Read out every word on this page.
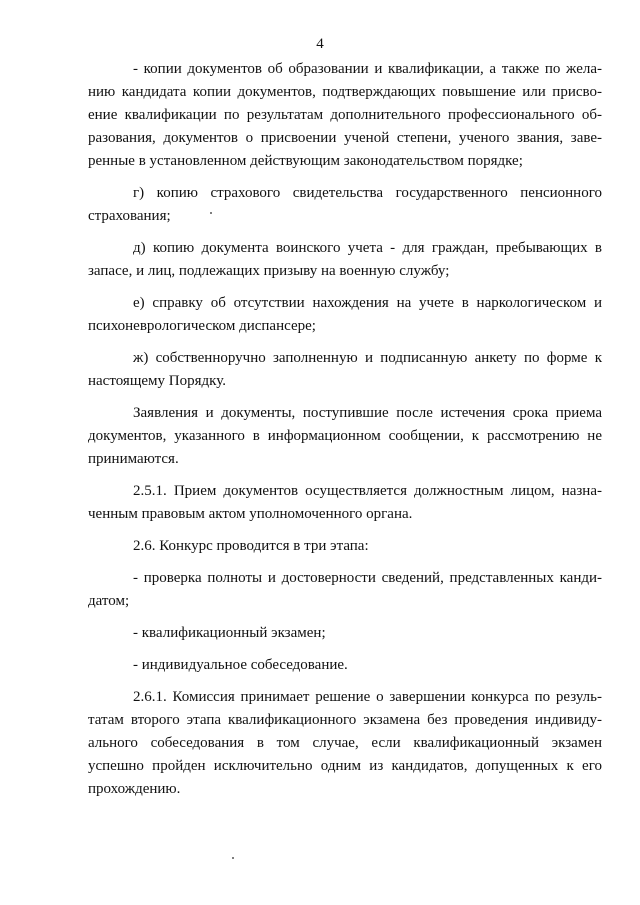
4
- копии документов об образовании и квалификации, а также по жела-
нию кандидата копии документов, подтверждающих повышение или присво-
ение квалификации по результатам дополнительного профессионального об-
разования, документов о присвоении ученой степени, ученого звания, заве-
ренные в установленном действующим законодательством порядке;
г) копию страхового свидетельства государственного пенсионного
страхования;
д) копию документа воинского учета - для граждан, пребывающих в
запасе, и лиц, подлежащих призыву на военную службу;
е) справку об отсутствии нахождения на учете в наркологическом и
психоневрологическом диспансере;
ж) собственноручно заполненную и подписанную анкету по форме к
настоящему Порядку.
Заявления и документы, поступившие после истечения срока приема
документов, указанного в информационном сообщении, к рассмотрению не
принимаются.
2.5.1. Прием документов осуществляется должностным лицом, назна-
ченным правовым актом уполномоченного органа.
2.6. Конкурс проводится в три этапа:
- проверка полноты и достоверности сведений, представленных канди-
датом;
- квалификационный экзамен;
- индивидуальное собеседование.
2.6.1. Комиссия принимает решение о завершении конкурса по резуль-
татам второго этапа квалификационного экзамена без проведения индивиду-
ального собеседования в том случае, если квалификационный экзамен
успешно пройден исключительно одним из кандидатов, допущенных к его
прохождению.
